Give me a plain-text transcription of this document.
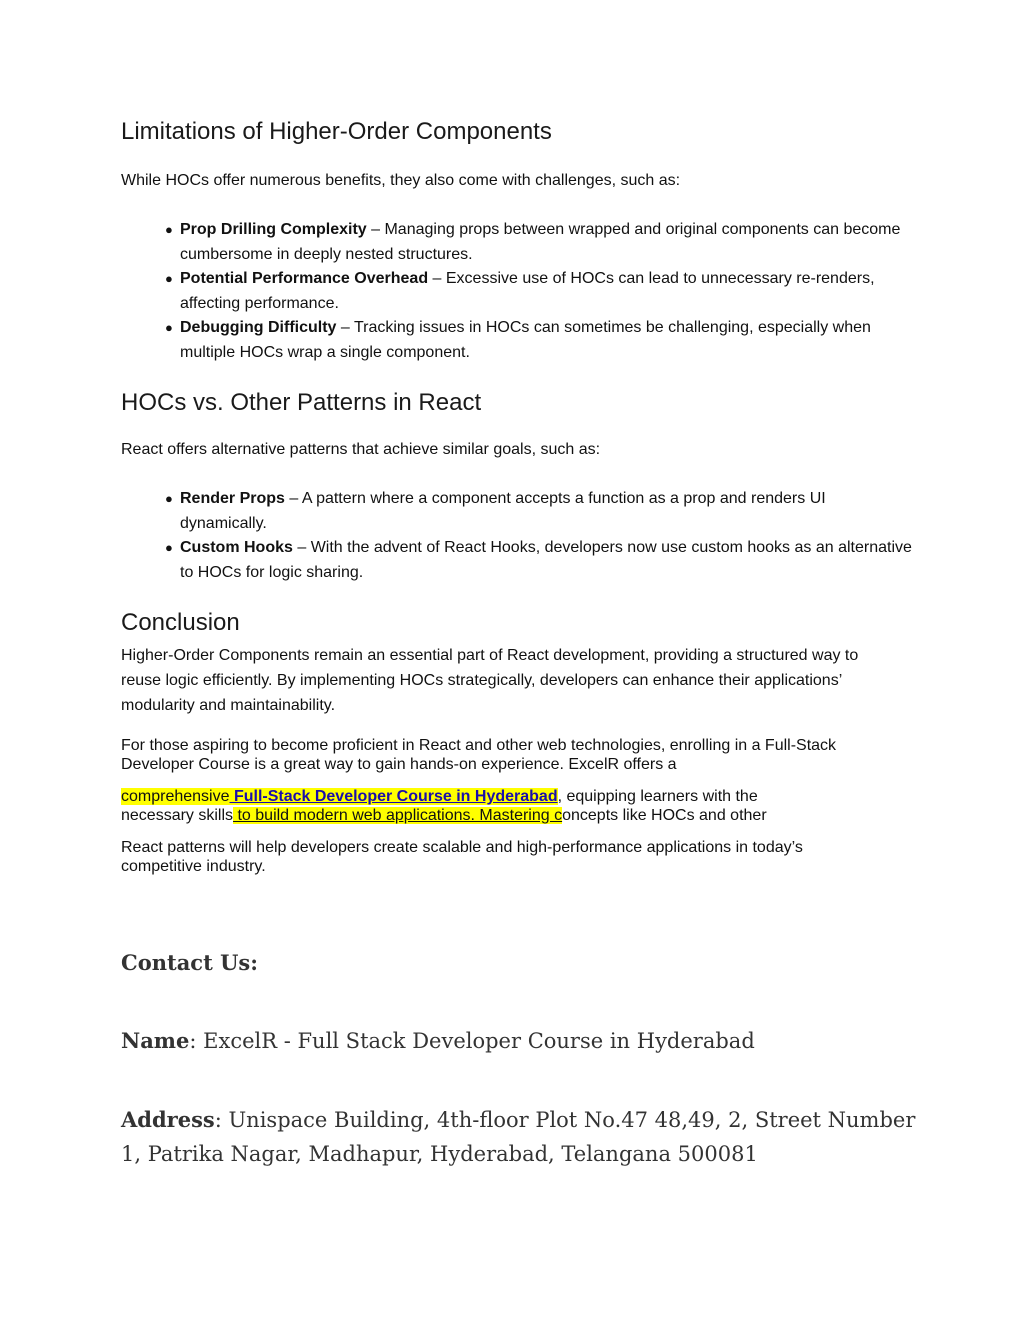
Limitations of Higher-Order Components

While HOCs offer numerous benefits, they also come with challenges, such as:

● Prop Drilling Complexity – Managing props between wrapped and original components can become cumbersome in deeply nested structures.
● Potential Performance Overhead – Excessive use of HOCs can lead to unnecessary re-renders, affecting performance.
● Debugging Difficulty – Tracking issues in HOCs can sometimes be challenging, especially when multiple HOCs wrap a single component.
HOCs vs. Other Patterns in React

React offers alternative patterns that achieve similar goals, such as:

● Render Props – A pattern where a component accepts a function as a prop and renders UI dynamically.
● Custom Hooks – With the advent of React Hooks, developers now use custom hooks as an alternative to HOCs for logic sharing.
Conclusion

Higher-Order Components remain an essential part of React development, providing a structured way to reuse logic efficiently. By implementing HOCs strategically, developers can enhance their applications’ modularity and maintainability.

For those aspiring to become proficient in React and other web technologies, enrolling in a Full-Stack Developer Course is a great way to gain hands-on experience. ExcelR offers a

comprehensive Full-Stack Developer Course in Hyderabad, equipping learners with the
necessary skills to build modern web applications. Mastering concepts like HOCs and other

React patterns will help developers create scalable and high-performance applications in today’s competitive industry.

Contact Us:

Name: ExcelR - Full Stack Developer Course in Hyderabad

Address: Unispace Building, 4th-floor Plot No.47 48,49, 2, Street Number 1, Patrika Nagar, Madhapur, Hyderabad, Telangana 500081
